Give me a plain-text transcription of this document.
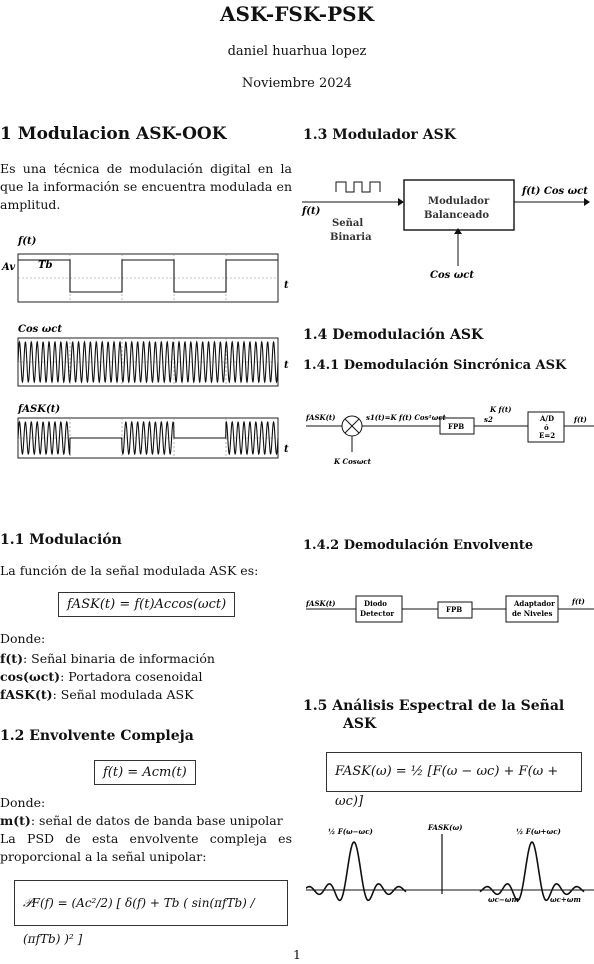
ASK-FSK-PSK
daniel huarhua lopez
Noviembre 2024
1 Modulacion ASK-OOK
Es una técnica de modulación digital en la que la información se encuentra modulada en amplitud.
f(t)
Av Tb
t
Cos ωct
t
fASK(t)
t
1.1 Modulación
La función de la señal modulada ASK es:
fASK(t) = f(t)Accos(ωct)
Donde:
f(t): Señal binaria de información
cos(ωct): Portadora cosenoidal
fASK(t): Señal modulada ASK
1.2 Envolvente Compleja
f(t) = Acm(t)
Donde:
m(t): señal de datos de banda base unipolar
La PSD de esta envolvente compleja es proporcional a la señal unipolar:
𝒫F(f) = (Ac²/2) [ δ(f) + Tb ( sin(πfTb) / (πfTb) )² ]
1.3 Modulador ASK
f(t)
f(t) Cos ωct
Cos ωct
Señal
Binaria
Modulador
Balanceado
1.4 Demodulación ASK
1.4.1 Demodulación Sincrónica ASK
fASK(t)	s1(t)=K f(t) Cos²ωct
K f(t)
s2	f(t)
K Cosωct
FPB
A/D
ó
E=2
1.4.2 Demodulación Envolvente
fASK(t)	f(t)
Diodo
Detector	FPB
Adaptador
de Niveles
1.5 Análisis Espectral de la Señal
ASK
FASK(ω) = ½ [F(ω − ωc) + F(ω + ωc)]
½ F(ω−ωc)	FASK(ω)	½ F(ω+ωc)
ωc−ωm	ωc+ωm
1
